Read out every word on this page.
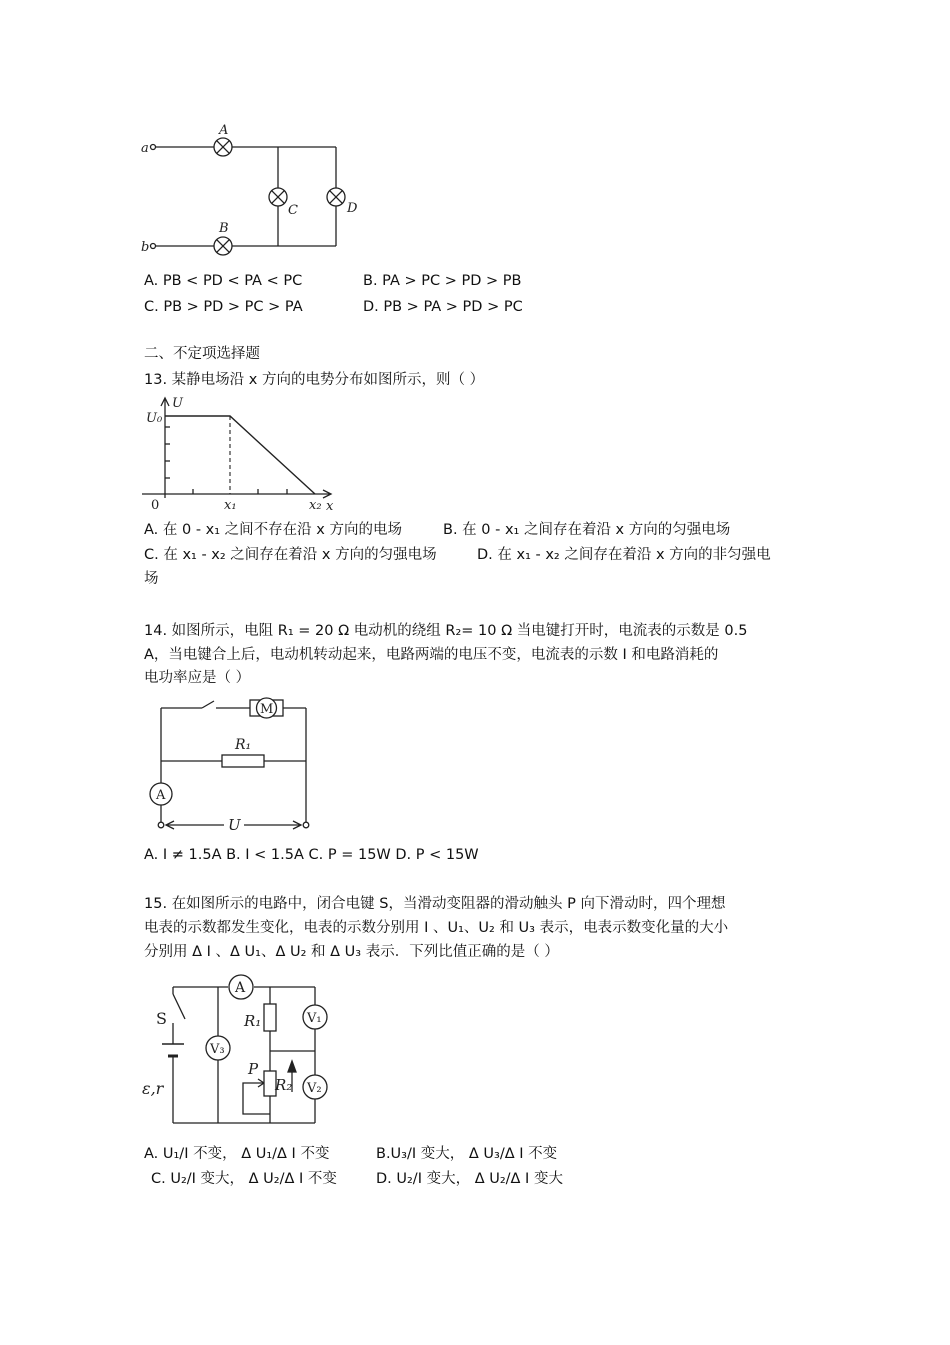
a
b
A
B
C	D
A. PB < PD < PA < PC	B. PA > PC > PD > PB
C. PB > PD > PC > PA	D. PB > PA > PD > PC
二、不定项选择题
13. 某静电场沿 x 方向的电势分布如图所示，则（ ）
U
U₀
0	x₁	x₂ x
A. 在 0 - x₁ 之间不存在沿 x 方向的电场	B. 在 0 - x₁ 之间存在着沿 x 方向的匀强电场
C. 在 x₁ - x₂ 之间存在着沿 x 方向的匀强电场	D. 在 x₁ - x₂ 之间存在着沿 x 方向的非匀强电
场
14. 如图所示，电阻 R₁ = 20 Ω 电动机的绕组 R₂= 10 Ω 当电键打开时，电流表的示数是 0.5
A，当电键合上后，电动机转动起来，电路两端的电压不变，电流表的示数 I 和电路消耗的
电功率应是（ ）
M
R₁
A
U
A. I ≠ 1.5A B. I < 1.5A C. P = 15W D. P < 15W
15. 在如图所示的电路中，闭合电键 S，当滑动变阻器的滑动触头 P 向下滑动时，四个理想
电表的示数都发生变化，电表的示数分别用 I 、U₁、U₂ 和 U₃ 表示，电表示数变化量的大小
分别用 Δ I 、Δ U₁、Δ U₂ 和 Δ U₃ 表示．下列比值正确的是（ ）
S
ε,r
A
V₃
V₁
V₂
R₁
P
R₂
A. U₁/I 不变， Δ U₁/Δ I 不变	B.U₃/I 变大， Δ U₃/Δ I 不变
C. U₂/I 变大， Δ U₂/Δ I 不变	D. U₂/I 变大， Δ U₂/Δ I 变大
